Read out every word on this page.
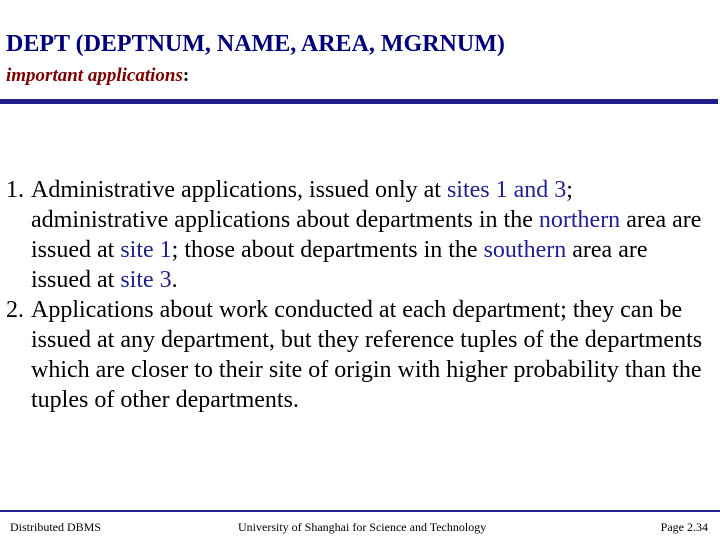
DEPT (DEPTNUM, NAME, AREA, MGRNUM)
important applications:
1. Administrative applications, issued only at sites 1 and 3; administrative applications about departments in the northern area are issued at site 1; those about departments in the southern area are issued at site 3.
2. Applications about work conducted at each department; they can be issued at any department, but they reference tuples of the departments which are closer to their site of origin with higher probability than the tuples of other departments.
Distributed DBMS	University of Shanghai for Science and Technology	Page 2.34
